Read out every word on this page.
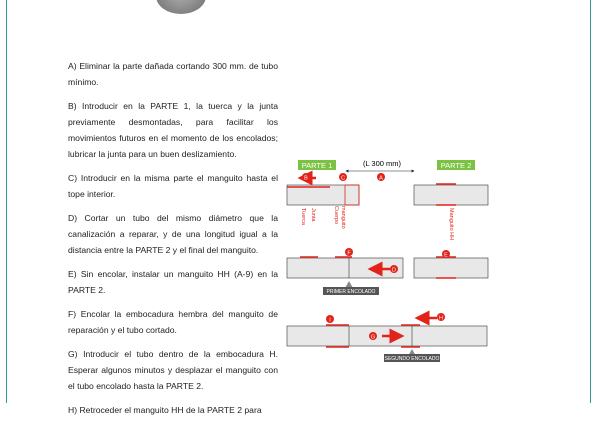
A) Eliminar la parte dañada cortando 300 mm. de tubo mínimo.

B) Introducir en la PARTE 1, la tuerca y la junta previamente desmontadas, para facilitar los movimientos futuros en el momento de los encolados; lubricar la junta para un buen deslizamiento.

C) Introducir en la misma parte el manguito hasta el tope interior.

D) Cortar un tubo del mismo diámetro que la canalización a reparar, y de una longitud igual a la distancia entre la PARTE 2 y el final del manguito.

E) Sin encolar, instalar un manguito HH (A-9) en la PARTE 2.

F) Encolar la embocadura hembra del manguito de reparación y el tubo cortado.

G) Introducir el tubo dentro de la embocadura H. Esperar algunos minutos y desplazar el manguito con el tubo encolado hasta la PARTE 2.

H) Retroceder el manguito HH de la PARTE 2 para

PARTE 1	PARTE 2
(L 300 mm)
B	C	A
Tuerca Junta	Cuerpo manguito	Manguito HH
PRIMER ENCOLADO
F
D
E
SEGUNDO ENCOLADO
I
G
H
